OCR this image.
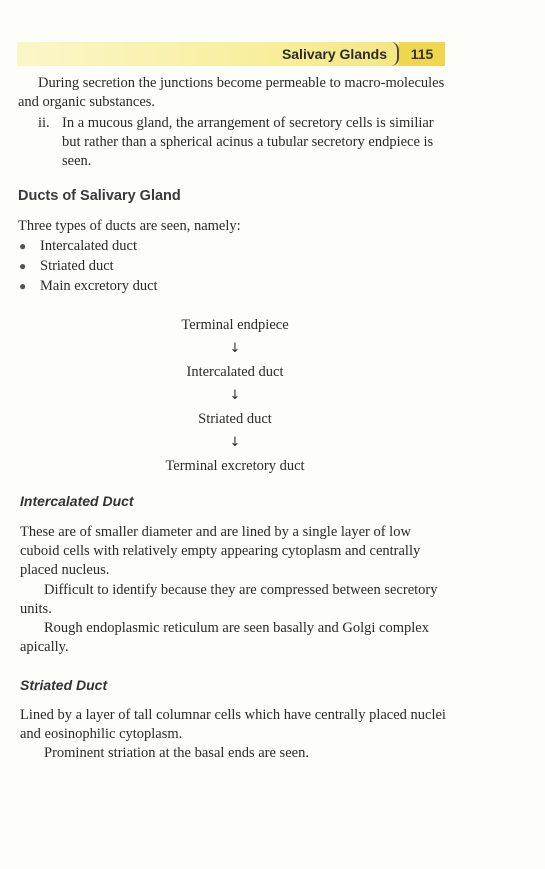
Salivary Glands	115

During secretion the junctions become permeable to macro-molecules and organic substances.

ii. In a mucous gland, the arrangement of secretory cells is similiar but rather than a spherical acinus a tubular secretory endpiece is seen.
Ducts of Salivary Gland

Three types of ducts are seen, namely:

● Intercalated duct
● Striated duct
● Main excretory duct
Terminal endpiece
↓
Intercalated duct
↓
Striated duct
↓
Terminal excretory duct
Intercalated Duct

These are of smaller diameter and are lined by a single layer of low cuboid cells with relatively empty appearing cytoplasm and centrally placed nucleus.

Difficult to identify because they are compressed between secretory units.

Rough endoplasmic reticulum are seen basally and Golgi complex apically.

Striated Duct

Lined by a layer of tall columnar cells which have centrally placed nuclei and eosinophilic cytoplasm.

Prominent striation at the basal ends are seen.
